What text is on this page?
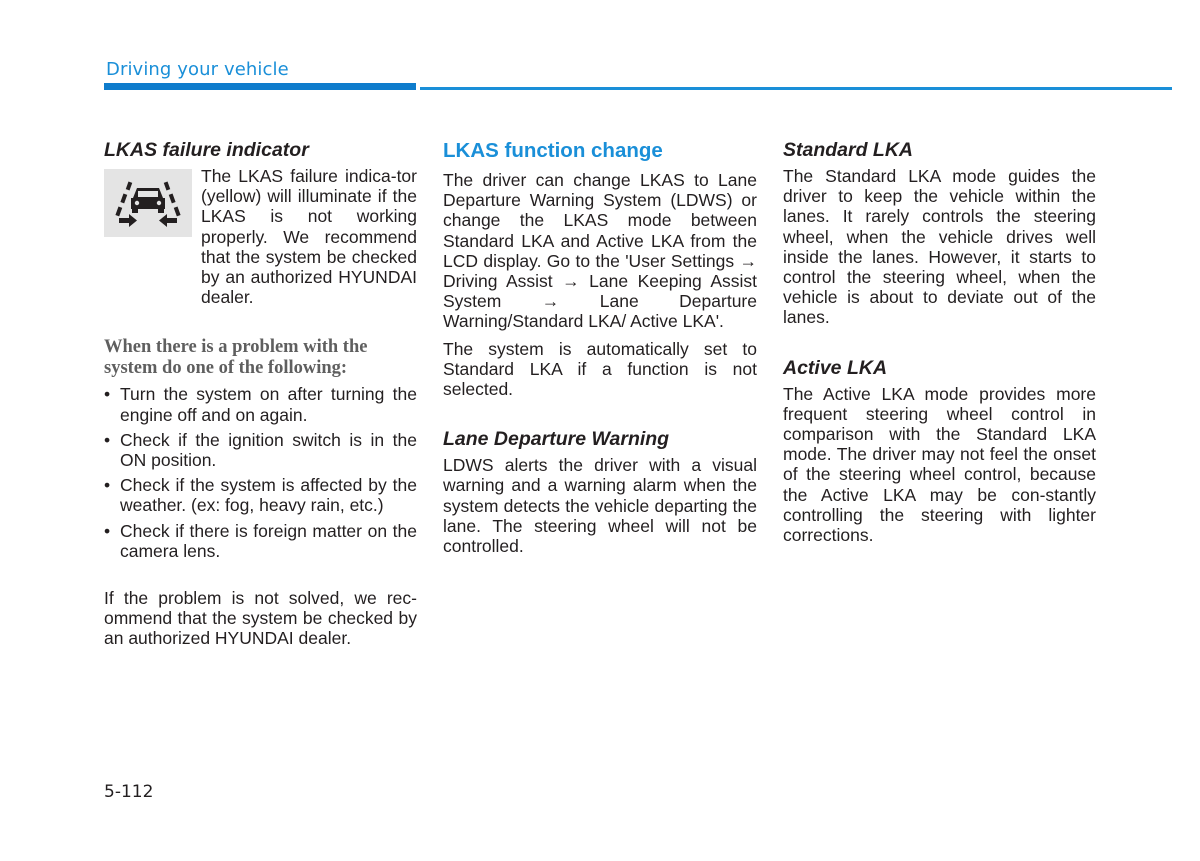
Driving your vehicle
LKAS failure indicator

The LKAS failure indica-tor (yellow) will illuminate if the LKAS is not working properly. We recommend that the system be checked by an authorized HYUNDAI dealer.

When there is a problem with the system do one of the following:
• Turn the system on after turning the engine off and on again.
• Check if the ignition switch is in the ON position.
• Check if the system is affected by the weather. (ex: fog, heavy rain, etc.)
• Check if there is foreign matter on the camera lens.

If the problem is not solved, we rec-ommend that the system be checked by an authorized HYUNDAI dealer.

LKAS function change

The driver can change LKAS to Lane Departure Warning System (LDWS) or change the LKAS mode between Standard LKA and Active LKA from the LCD display. Go to the 'User Settings → Driving Assist → Lane Keeping Assist System → Lane Departure Warning/Standard LKA/ Active LKA'.

The system is automatically set to Standard LKA if a function is not selected.

Lane Departure Warning

LDWS alerts the driver with a visual warning and a warning alarm when the system detects the vehicle departing the lane. The steering wheel will not be controlled.

Standard LKA

The Standard LKA mode guides the driver to keep the vehicle within the lanes. It rarely controls the steering wheel, when the vehicle drives well inside the lanes. However, it starts to control the steering wheel, when the vehicle is about to deviate out of the lanes.

Active LKA

The Active LKA mode provides more frequent steering wheel control in comparison with the Standard LKA mode. The driver may not feel the onset of the steering wheel control, because the Active LKA may be con-stantly controlling the steering with lighter corrections.

5-112
